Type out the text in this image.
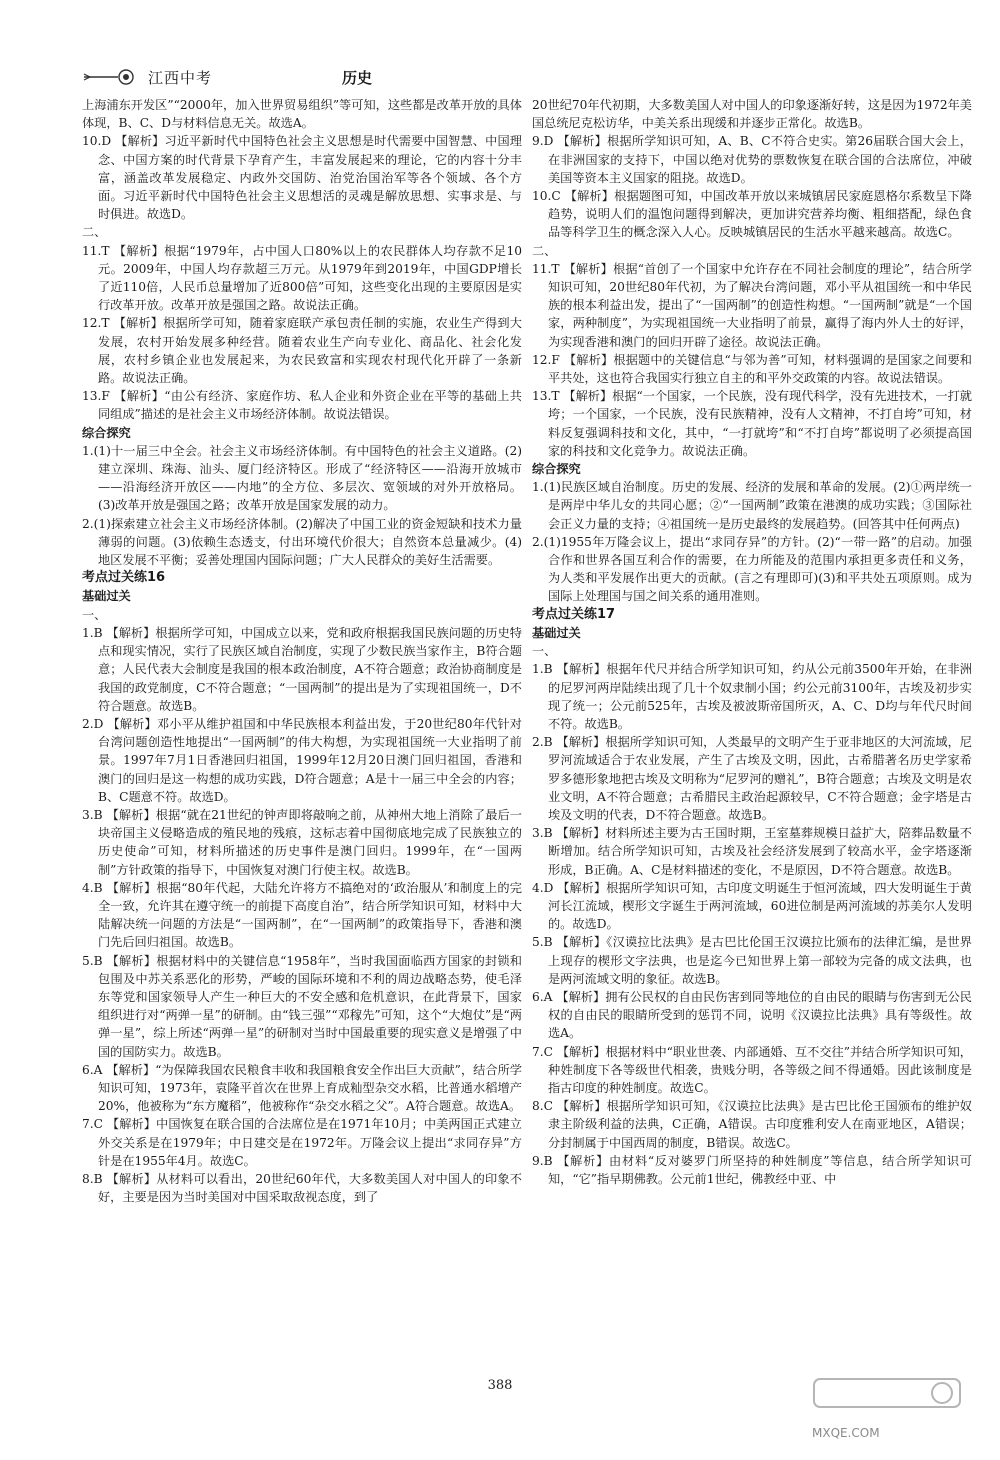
江西中考	历史

上海浦东开发区”“2000年，加入世界贸易组织”等可知，这些都是改革开放的具体体现，B、C、D与材料信息无关。故选A。

10.D 【解析】习近平新时代中国特色社会主义思想是时代需要中国智慧、中国理念、中国方案的时代背景下孕育产生，丰富发展起来的理论，它的内容十分丰富，涵盖改革发展稳定、内政外交国防、治党治国治军等各个领域、各个方面。习近平新时代中国特色社会主义思想活的灵魂是解放思想、实事求是、与时俱进。故选D。

二、

11.T 【解析】根据“1979年，占中国人口80%以上的农民群体人均存款不足10元。2009年，中国人均存款超三万元。从1979年到2019年，中国GDP增长了近110倍，人民币总量增加了近800倍”可知，这些变化出现的主要原因是实行改革开放。改革开放是强国之路。故说法正确。

12.T 【解析】根据所学可知，随着家庭联产承包责任制的实施，农业生产得到大发展，农村开始发展多种经营。随着农业生产向专业化、商品化、社会化发展，农村乡镇企业也发展起来，为农民致富和实现农村现代化开辟了一条新路。故说法正确。

13.F 【解析】“由公有经济、家庭作坊、私人企业和外资企业在平等的基础上共同组成”描述的是社会主义市场经济体制。故说法错误。

综合探究

1.(1)十一届三中全会。社会主义市场经济体制。有中国特色的社会主义道路。(2)建立深圳、珠海、汕头、厦门经济特区。形成了“经济特区——沿海开放城市——沿海经济开放区——内地”的全方位、多层次、宽领域的对外开放格局。(3)改革开放是强国之路；改革开放是国家发展的动力。

2.(1)探索建立社会主义市场经济体制。(2)解决了中国工业的资金短缺和技术力量薄弱的问题。(3)依赖生态透支，付出环境代价很大；自然资本总量减少。(4)地区发展不平衡；妥善处理国内国际问题；广大人民群众的美好生活需要。

考点过关练16

基础过关

一、

1.B 【解析】根据所学可知，中国成立以来，党和政府根据我国民族问题的历史特点和现实情况，实行了民族区域自治制度，实现了少数民族当家作主，B符合题意；人民代表大会制度是我国的根本政治制度，A不符合题意；政治协商制度是我国的政党制度，C不符合题意；“一国两制”的提出是为了实现祖国统一，D不符合题意。故选B。

2.D 【解析】邓小平从维护祖国和中华民族根本利益出发，于20世纪80年代针对台湾问题创造性地提出“一国两制”的伟大构想，为实现祖国统一大业指明了前景。1997年7月1日香港回归祖国，1999年12月20日澳门回归祖国，香港和澳门的回归是这一构想的成功实践，D符合题意；A是十一届三中全会的内容；B、C题意不符。故选D。

3.B 【解析】根据“就在21世纪的钟声即将敲响之前，从神州大地上消除了最后一块帝国主义侵略造成的殖民地的残痕，这标志着中国彻底地完成了民族独立的历史使命”可知，材料所描述的历史事件是澳门回归。1999年，在“一国两制”方针政策的指导下，中国恢复对澳门行使主权。故选B。

4.B 【解析】根据“80年代起，大陆允许将方不搞绝对的‘政治服从’和制度上的完全一致，允许其在遵守统一的前提下高度自治”，结合所学知识可知，材料中大陆解决统一问题的方法是“一国两制”，在“一国两制”的政策指导下，香港和澳门先后回归祖国。故选B。

5.B 【解析】根据材料中的关键信息“1958年”，当时我国面临西方国家的封锁和包围及中苏关系恶化的形势，严峻的国际环境和不利的周边战略态势，使毛泽东等党和国家领导人产生一种巨大的不安全感和危机意识，在此背景下，国家组织进行对“两弹一星”的研制。由“钱三强”“邓稼先”可知，这个“大炮仗”是“两弹一星”，综上所述“两弹一星”的研制对当时中国最重要的现实意义是增强了中国的国防实力。故选B。

6.A 【解析】“为保障我国农民粮食丰收和我国粮食安全作出巨大贡献”，结合所学知识可知，1973年，袁隆平首次在世界上育成籼型杂交水稻，比普通水稻增产20%，他被称为“东方魔稻”，他被称作“杂交水稻之父”。A符合题意。故选A。

7.C 【解析】中国恢复在联合国的合法席位是在1971年10月；中美两国正式建立外交关系是在1979年；中日建交是在1972年。万隆会议上提出“求同存异”方针是在1955年4月。故选C。

8.B 【解析】从材料可以看出，20世纪60年代，大多数美国人对中国人的印象不好，主要是因为当时美国对中国采取敌视态度，到了

20世纪70年代初期，大多数美国人对中国人的印象逐渐好转，这是因为1972年美国总统尼克松访华，中美关系出现缓和并逐步正常化。故选B。

9.D 【解析】根据所学知识可知，A、B、C不符合史实。第26届联合国大会上，在非洲国家的支持下，中国以绝对优势的票数恢复在联合国的合法席位，冲破美国等资本主义国家的阻挠。故选D。

10.C 【解析】根据题图可知，中国改革开放以来城镇居民家庭恩格尔系数呈下降趋势，说明人们的温饱问题得到解决，更加讲究营养均衡、粗细搭配，绿色食品等科学卫生的概念深入人心。反映城镇居民的生活水平越来越高。故选C。

二、

11.T 【解析】根据“首创了一个国家中允许存在不同社会制度的理论”，结合所学知识可知，20世纪80年代初，为了解决台湾问题，邓小平从祖国统一和中华民族的根本利益出发，提出了“一国两制”的创造性构想。“一国两制”就是“一个国家，两种制度”，为实现祖国统一大业指明了前景，赢得了海内外人士的好评，为实现香港和澳门的回归开辟了途径。故说法正确。

12.F 【解析】根据题中的关键信息“与邻为善”可知，材料强调的是国家之间要和平共处，这也符合我国实行独立自主的和平外交政策的内容。故说法错误。

13.T 【解析】根据“一个国家，一个民族，没有现代科学，没有先进技术，一打就垮；一个国家，一个民族，没有民族精神，没有人文精神，不打自垮”可知，材料反复强调科技和文化，其中，“一打就垮”和“不打自垮”都说明了必须提高国家的科技和文化竞争力。故说法正确。

综合探究

1.(1)民族区域自治制度。历史的发展、经济的发展和革命的发展。(2)①两岸统一是两岸中华儿女的共同心愿；②“一国两制”政策在港澳的成功实践；③国际社会正义力量的支持；④祖国统一是历史最终的发展趋势。(回答其中任何两点)

2.(1)1955年万隆会议上，提出“求同存异”的方针。(2)“一带一路”的启动。加强合作和世界各国互利合作的需要，在力所能及的范围内承担更多责任和义务，为人类和平发展作出更大的贡献。(言之有理即可)(3)和平共处五项原则。成为国际上处理国与国之间关系的通用准则。

考点过关练17

基础过关

一、

1.B 【解析】根据年代尺并结合所学知识可知，约从公元前3500年开始，在非洲的尼罗河两岸陆续出现了几十个奴隶制小国；约公元前3100年，古埃及初步实现了统一；公元前525年，古埃及被波斯帝国所灭，A、C、D均与年代尺时间不符。故选B。

2.B 【解析】根据所学知识可知，人类最早的文明产生于亚非地区的大河流域，尼罗河流域适合于农业发展，产生了古埃及文明，因此，古希腊著名历史学家希罗多德形象地把古埃及文明称为“尼罗河的赠礼”，B符合题意；古埃及文明是农业文明，A不符合题意；古希腊民主政治起源较早，C不符合题意；金字塔是古埃及文明的代表，D不符合题意。故选B。

3.B 【解析】材料所述主要为古王国时期，王室墓葬规模日益扩大，陪葬品数量不断增加。结合所学知识可知，古埃及社会经济发展到了较高水平，金字塔逐渐形成，B正确。A、C是材料描述的变化，不是原因，D不符合题意。故选B。

4.D 【解析】根据所学知识可知，古印度文明诞生于恒河流域，四大发明诞生于黄河长江流域，楔形文字诞生于两河流域，60进位制是两河流域的苏美尔人发明的。故选D。

5.B 【解析】《汉谟拉比法典》是古巴比伦国王汉谟拉比颁布的法律汇编，是世界上现存的楔形文字法典，也是迄今已知世界上第一部较为完备的成文法典，也是两河流域文明的象征。故选B。

6.A 【解析】拥有公民权的自由民伤害到同等地位的自由民的眼睛与伤害到无公民权的自由民的眼睛所受到的惩罚不同，说明《汉谟拉比法典》具有等级性。故选A。

7.C 【解析】根据材料中“职业世袭、内部通婚、互不交往”并结合所学知识可知，种姓制度下各等级世代相袭，贵贱分明，各等级之间不得通婚。因此该制度是指古印度的种姓制度。故选C。

8.C 【解析】根据所学知识可知，《汉谟拉比法典》是古巴比伦王国颁布的维护奴隶主阶级利益的法典，C正确，A错误。古印度雅利安人在南亚地区，A错误；分封制属于中国西周的制度，B错误。故选C。

9.B 【解析】由材料“反对婆罗门所坚持的种姓制度”等信息，结合所学知识可知，“它”指早期佛教。公元前1世纪，佛教经中亚、中

388
MXQE.COM
